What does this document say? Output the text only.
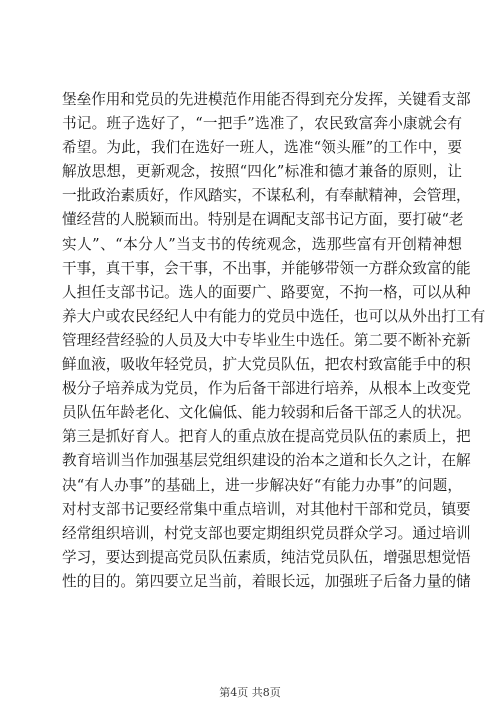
堡垒作用和党员的先进模范作用能否得到充分发挥，关键看支部
书记。班子选好了，“一把手”选准了，农民致富奔小康就会有
希望。为此，我们在选好一班人，选准“领头雁”的工作中，要
解放思想，更新观念，按照“四化”标准和德才兼备的原则，让
一批政治素质好，作风踏实，不谋私利，有奉献精神，会管理，
懂经营的人脱颖而出。特别是在调配支部书记方面，要打破“老
实人”、“本分人”当支书的传统观念，选那些富有开创精神想
干事，真干事，会干事，不出事，并能够带领一方群众致富的能
人担任支部书记。选人的面要广、路要宽，不拘一格，可以从种
养大户或农民经纪人中有能力的党员中选任，也可以从外出打工有
管理经营经验的人员及大中专毕业生中选任。第二要不断补充新
鲜血液，吸收年轻党员，扩大党员队伍，把农村致富能手中的积
极分子培养成为党员，作为后备干部进行培养，从根本上改变党
员队伍年龄老化、文化偏低、能力较弱和后备干部乏人的状况。
第三是抓好育人。把育人的重点放在提高党员队伍的素质上，把
教育培训当作加强基层党组织建设的治本之道和长久之计，在解
决“有人办事”的基础上，进一步解决好“有能力办事”的问题，
对村支部书记要经常集中重点培训，对其他村干部和党员，镇要
经常组织培训，村党支部也要定期组织党员群众学习。通过培训
学习，要达到提高党员队伍素质，纯洁党员队伍，增强思想觉悟
性的目的。第四要立足当前，着眼长远，加强班子后备力量的储
第4页 共8页
